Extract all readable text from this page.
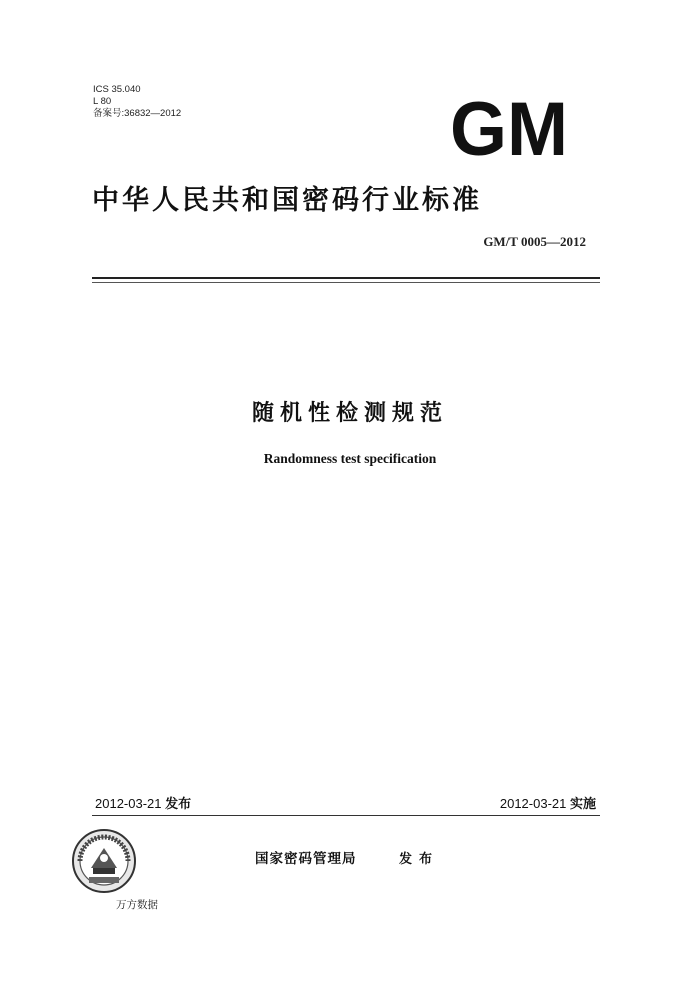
ICS 35.040
L 80
备案号:36832—2012	GM
中华人民共和国密码行业标准
GM/T 0005—2012
随机性检测规范
Randomness test specification
2012-03-21 发布	2012-03-21 实施
国家密码管理局	发布
万方数据
